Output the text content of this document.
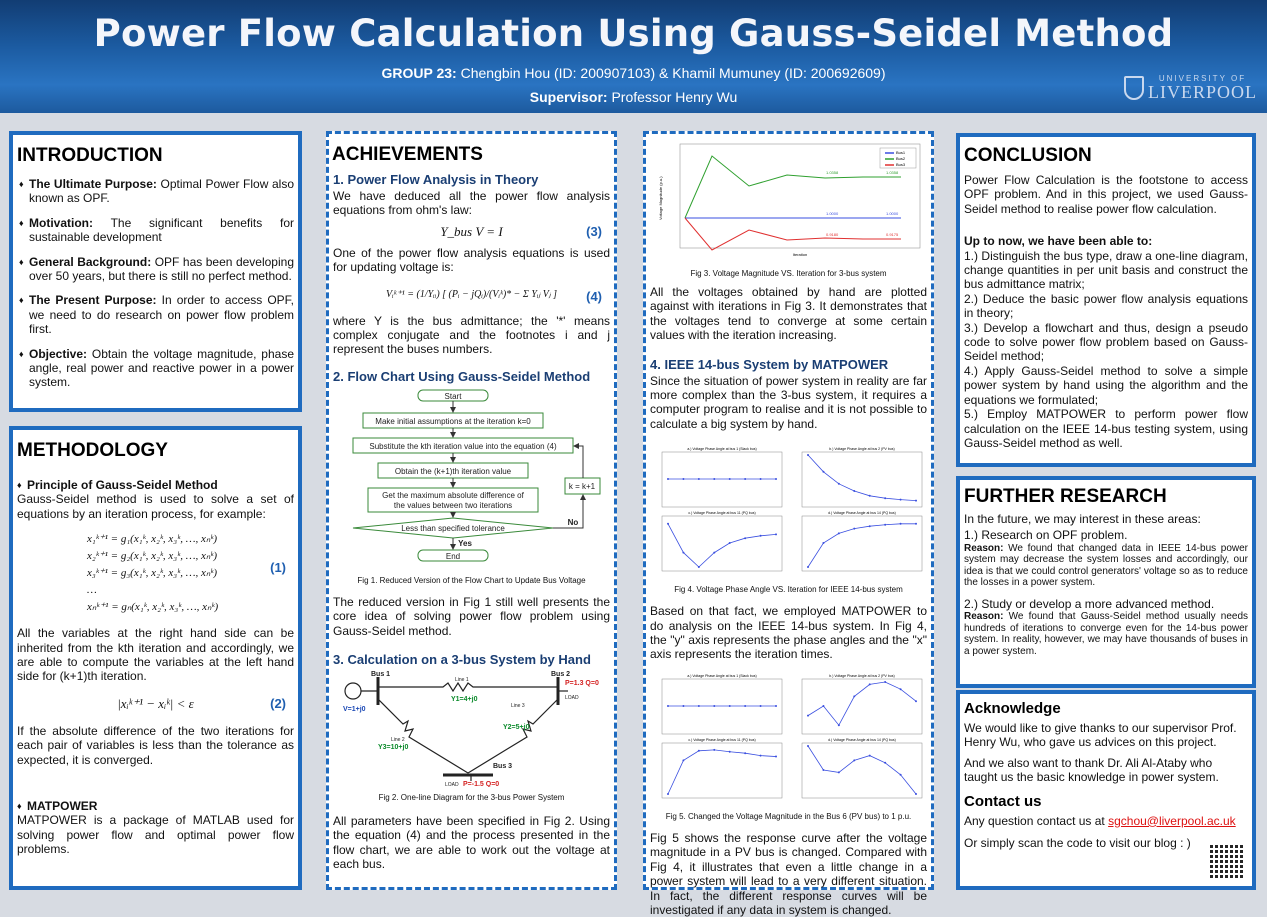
Power Flow Calculation Using Gauss-Seidel Method
GROUP 23: Chengbin Hou (ID: 200907103) & Khamil Mumuney (ID: 200692609)
Supervisor: Professor Henry Wu
UNIVERSITY OF
LIVERPOOL
INTRODUCTION
♦ The Ultimate Purpose: Optimal Power Flow also known as OPF.
♦ Motivation: The significant benefits for sustainable development
♦ General Background: OPF has been developing over 50 years, but there is still no perfect method.
♦ The Present Purpose: In order to access OPF, we need to do research on power flow problem first.
♦ Objective: Obtain the voltage magnitude, phase angle, real power and reactive power in a power system.
METHODOLOGY
♦ Principle of Gauss-Seidel Method
Gauss-Seidel method is used to solve a set of equations by an iteration process, for example:
x₁ᵏ⁺¹ = g₁(x₁ᵏ, x₂ᵏ, x₃ᵏ, …, xₙᵏ)
x₂ᵏ⁺¹ = g₂(x₁ᵏ, x₂ᵏ, x₃ᵏ, …, xₙᵏ)
x₃ᵏ⁺¹ = g₃(x₁ᵏ, x₂ᵏ, x₃ᵏ, …, xₙᵏ)
…
xₙᵏ⁺¹ = gₙ(x₁ᵏ, x₂ᵏ, x₃ᵏ, …, xₙᵏ)
(1)
All the variables at the right hand side can be inherited from the kth iteration and accordingly, we are able to compute the variables at the left hand side for (k+1)th iteration.
|xᵢᵏ⁺¹ − xᵢᵏ| < ε	(2)
If the absolute difference of the two iterations for each pair of variables is less than the tolerance as expected, it is converged.
♦ MATPOWER
MATPOWER is a package of MATLAB used for solving power flow and optimal power flow problems.
ACHIEVEMENTS
1. Power Flow Analysis in Theory
We have deduced all the power flow analysis equations from ohm's law:
Y_bus V = I	(3)
One of the power flow analysis equations is used for updating voltage is:
Vᵢᵏ⁺¹ = (1/Yᵢᵢ) [ (Pᵢ − jQᵢ)/(Vᵢᵏ)* − Σ Yᵢⱼ Vⱼ ] (4)
where Y is the bus admittance; the '*' means complex conjugate and the footnotes i and j represent the buses numbers.
2. Flow Chart Using Gauss-Seidel Method
Start
Make initial assumptions at the iteration k=0
Substitute the kth iteration value into the equation (4)
Obtain the (k+1)th iteration value
Get the maximum absolute difference of
the values between two iterations
Less than specified tolerance
k = k+1
No
Yes
End
Fig 1. Reduced Version of the Flow Chart to Update Bus Voltage
The reduced version in Fig 1 still well presents the core idea of solving power flow problem using Gauss-Seidel method.
3. Calculation on a 3-bus System by Hand
Bus 1	Bus 2
Bus 3
V=1+j0
Line 1
Y1=4+j0
Line 2
Y3=10+j0
Line 3
Y2=5+j0
P=1.3 Q=0
LOAD
P=-1.5 Q=0
LOAD
Fig 2. One-line Diagram for the 3-bus Power System
All parameters have been specified in Fig 2. Using the equation (4) and the process presented in the flow chart, we are able to work out the voltage at each bus.
Voltage Magnitude (p.u.)
Bus1
Bus2
Bus3
1.0358	1.0358
1.0000	1.0000
0.9180	0.9175
Iteration
Fig 3. Voltage Magnitude VS. Iteration for 3-bus system
All the voltages obtained by hand are plotted against with iterations in Fig 3. It demonstrates that the voltages tend to converge at some certain values with the iteration increasing.
4. IEEE 14-bus System by MATPOWER
Since the situation of power system in reality are far more complex than the 3-bus system, it requires a computer program to realise and it is not possible to calculate a big system by hand.
a.) Voltage Phase Angle at bus 1 (Slack bus)	b.) Voltage Phase Angle at bus 2 (PV bus)
c.) Voltage Phase Angle at bus 11 (PQ bus)	d.) Voltage Phase Angle at bus 14 (PQ bus)
Fig 4. Voltage Phase Angle VS. Iteration for IEEE 14-bus system
Based on that fact, we employed MATPOWER to do analysis on the IEEE 14-bus system. In Fig 4, the "y" axis represents the phase angles and the "x" axis represents the iteration times.
a.) Voltage Phase Angle at bus 1 (Slack bus)	b.) Voltage Phase Angle at bus 2 (PV bus)
c.) Voltage Phase Angle at bus 11 (PQ bus)	d.) Voltage Phase Angle at bus 14 (PQ bus)
Fig 5. Changed the Voltage Magnitude in the Bus 6 (PV bus) to 1 p.u.
Fig 5 shows the response curve after the voltage magnitude in a PV bus is changed. Compared with Fig 4, it illustrates that even a little change in a power system will lead to a very different situation. In fact, the different response curves will be investigated if any data in system is changed.
CONCLUSION
Power Flow Calculation is the footstone to access OPF problem. And in this project, we used Gauss-Seidel method to realise power flow calculation.
Up to now, we have been able to:
1.) Distinguish the bus type, draw a one-line diagram, change quantities in per unit basis and construct the bus admittance matrix;
2.) Deduce the basic power flow analysis equations in theory;
3.) Develop a flowchart and thus, design a pseudo code to solve power flow problem based on Gauss-Seidel method;
4.) Apply Gauss-Seidel method to solve a simple power system by hand using the algorithm and the equations we formulated;
5.) Employ MATPOWER to perform power flow calculation on the IEEE 14-bus testing system, using Gauss-Seidel method as well.
FURTHER RESEARCH
In the future, we may interest in these areas:
1.) Research on OPF problem.
Reason: We found that changed data in IEEE 14-bus power system may decrease the system losses and accordingly, our idea is that we could control generators' voltage so as to reduce the losses in a power system.
2.) Study or develop a more advanced method.
Reason: We found that Gauss-Seidel method usually needs hundreds of iterations to converge even for the 14-bus power system. In reality, however, we may have thousands of buses in a power system.
Acknowledge
We would like to give thanks to our supervisor Prof. Henry Wu, who gave us advices on this project.
And we also want to thank Dr. Ali Al-Ataby who taught us the basic knowledge in power system.
Contact us
Any question contact us at sgchou@liverpool.ac.uk
Or simply scan the code to visit our blog : )
